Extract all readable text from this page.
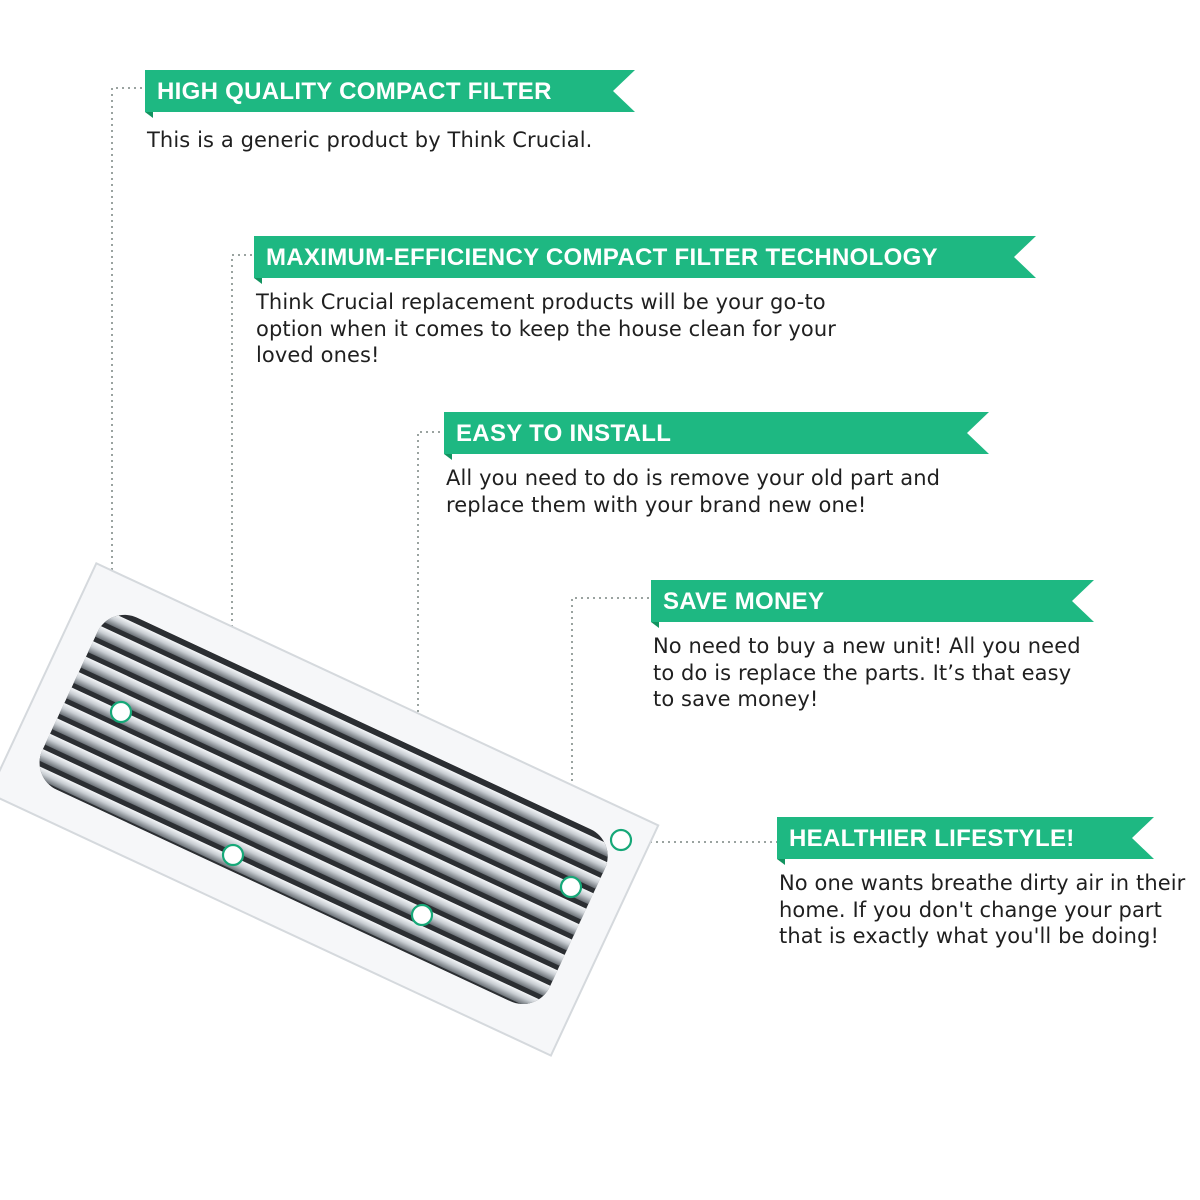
HIGH QUALITY COMPACT FILTER
MAXIMUM-EFFICIENCY COMPACT FILTER TECHNOLOGY
EASY TO INSTALL
SAVE MONEY
HEALTHIER LIFESTYLE!
This is a generic product by Think Crucial.
Think Crucial replacement products will be your go-to option when it comes to keep the house clean for your loved ones!
All you need to do is remove your old part and replace them with your brand new one!
No need to buy a new unit! All you need to do is replace the parts. It’s that easy to save money!
No one wants breathe dirty air in their home. If you don't change your part that is exactly what you'll be doing!
